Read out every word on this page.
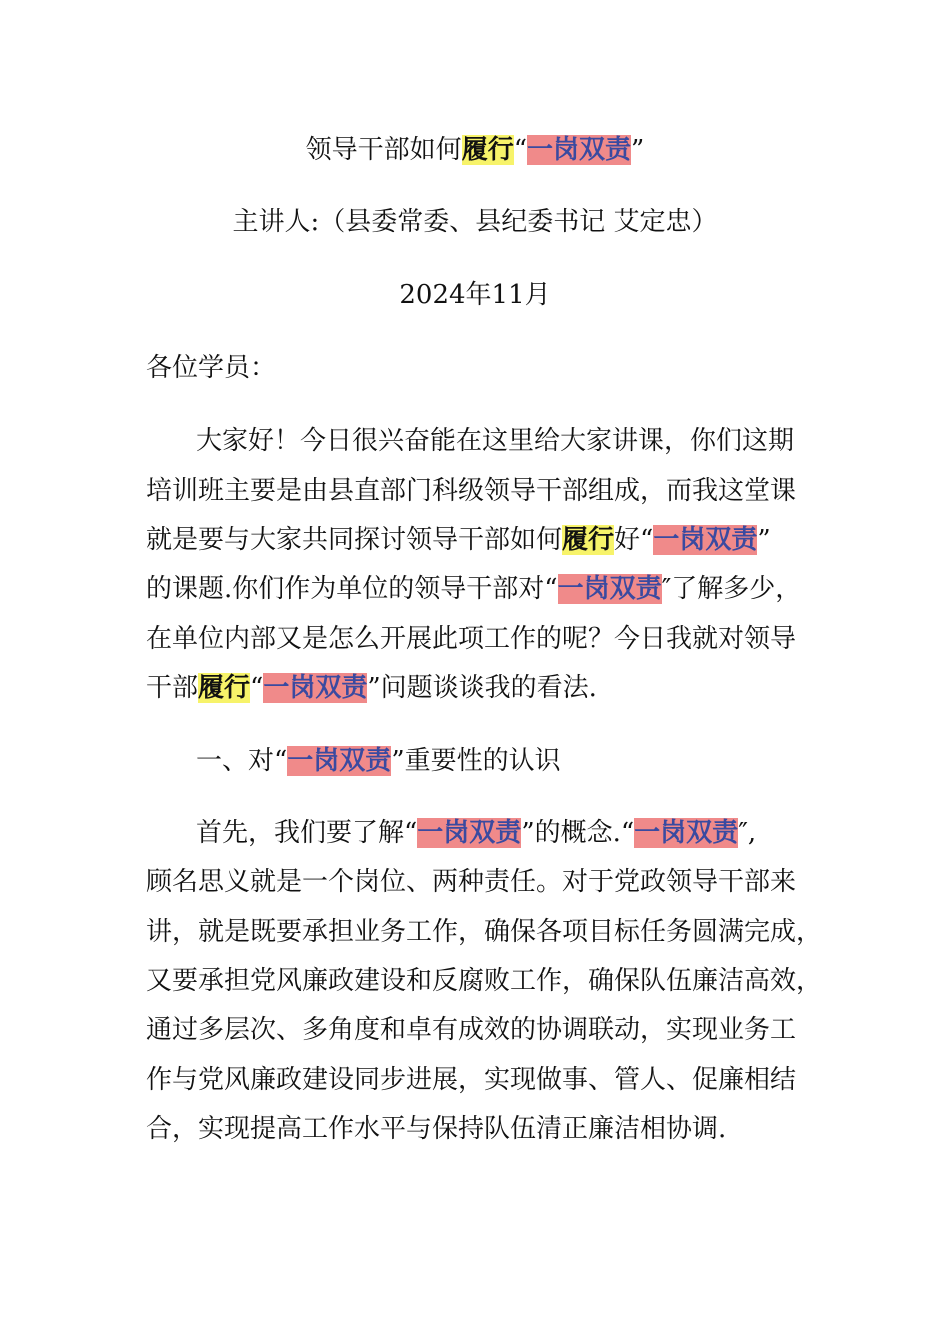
领导干部如何履行“一岗双责”
主讲人:（县委常委、县纪委书记 艾定忠）
2024年11月
各位学员：
大家好！今日很兴奋能在这里给大家讲课，你们这期
培训班主要是由县直部门科级领导干部组成，而我这堂课
就是要与大家共同探讨领导干部如何履行好“一岗双责”
的课题.你们作为单位的领导干部对“一岗双责″了解多少，
在单位内部又是怎么开展此项工作的呢？今日我就对领导
干部履行“一岗双责”问题谈谈我的看法.
一、对“一岗双责”重要性的认识
首先，我们要了解“一岗双责”的概念.“一岗双责″,
顾名思义就是一个岗位、两种责任。对于党政领导干部来
讲，就是既要承担业务工作，确保各项目标任务圆满完成，
又要承担党风廉政建设和反腐败工作，确保队伍廉洁高效，
通过多层次、多角度和卓有成效的协调联动，实现业务工
作与党风廉政建设同步进展，实现做事、管人、促廉相结
合，实现提高工作水平与保持队伍清正廉洁相协调.
